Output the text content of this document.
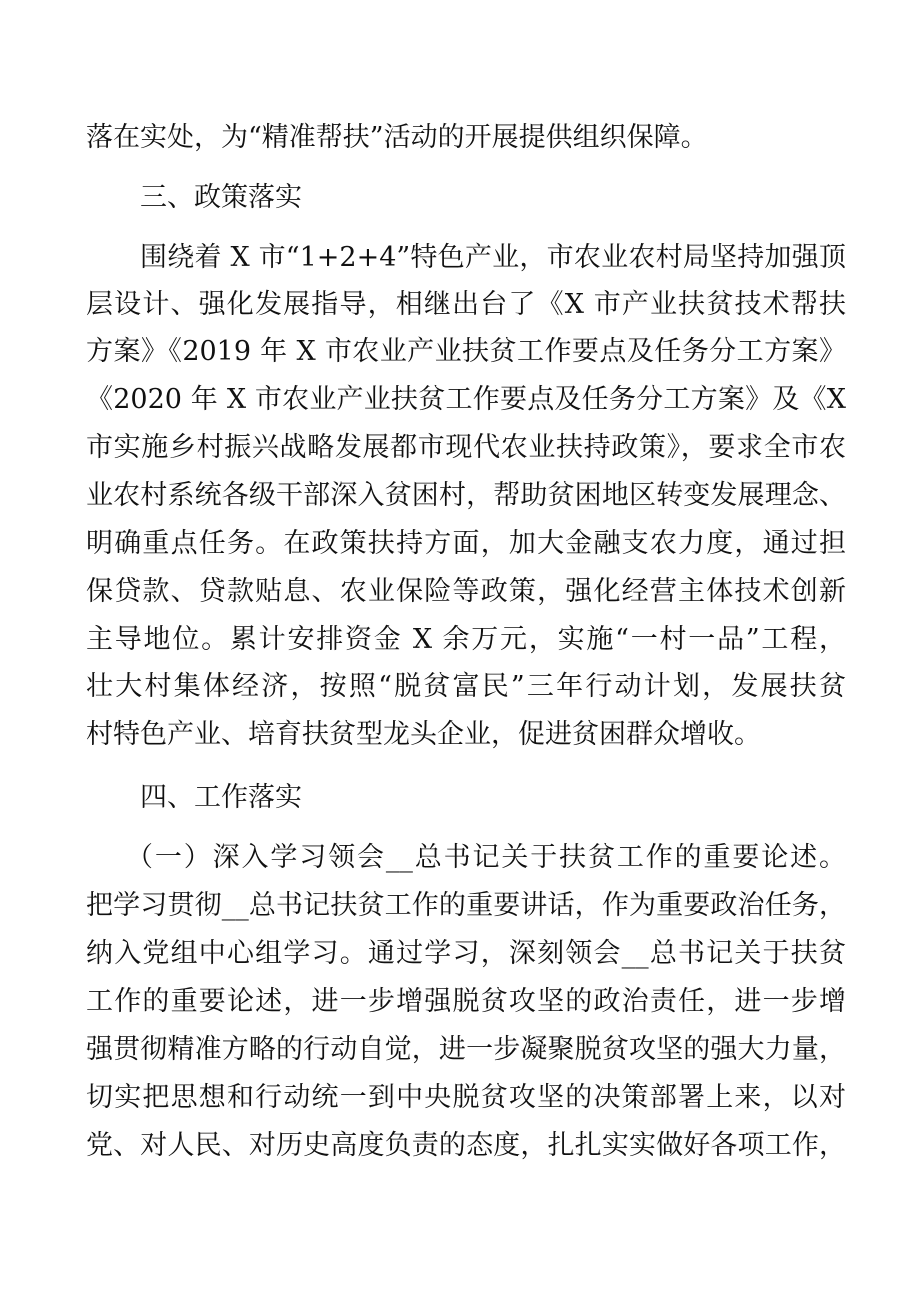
落在实处，为“精准帮扶”活动的开展提供组织保障。

三、政策落实

围绕着 X 市“1+2+4”特色产业，市农业农村局坚持加强顶

层设计、强化发展指导，相继出台了《X 市产业扶贫技术帮扶

方案》《2019 年 X 市农业产业扶贫工作要点及任务分工方案》

《2020 年 X 市农业产业扶贫工作要点及任务分工方案》及《X

市实施乡村振兴战略发展都市现代农业扶持政策》，要求全市农

业农村系统各级干部深入贫困村，帮助贫困地区转变发展理念、

明确重点任务。在政策扶持方面，加大金融支农力度，通过担

保贷款、贷款贴息、农业保险等政策，强化经营主体技术创新

主导地位。累计安排资金 X 余万元，实施“一村一品”工程，

壮大村集体经济，按照“脱贫富民”三年行动计划，发展扶贫

村特色产业、培育扶贫型龙头企业，促进贫困群众增收。

四、工作落实

（一）深入学习领会__总书记关于扶贫工作的重要论述。

把学习贯彻__总书记扶贫工作的重要讲话，作为重要政治任务，

纳入党组中心组学习。通过学习，深刻领会__总书记关于扶贫

工作的重要论述，进一步增强脱贫攻坚的政治责任，进一步增

强贯彻精准方略的行动自觉，进一步凝聚脱贫攻坚的强大力量，

切实把思想和行动统一到中央脱贫攻坚的决策部署上来，以对

党、对人民、对历史高度负责的态度，扎扎实实做好各项工作，
